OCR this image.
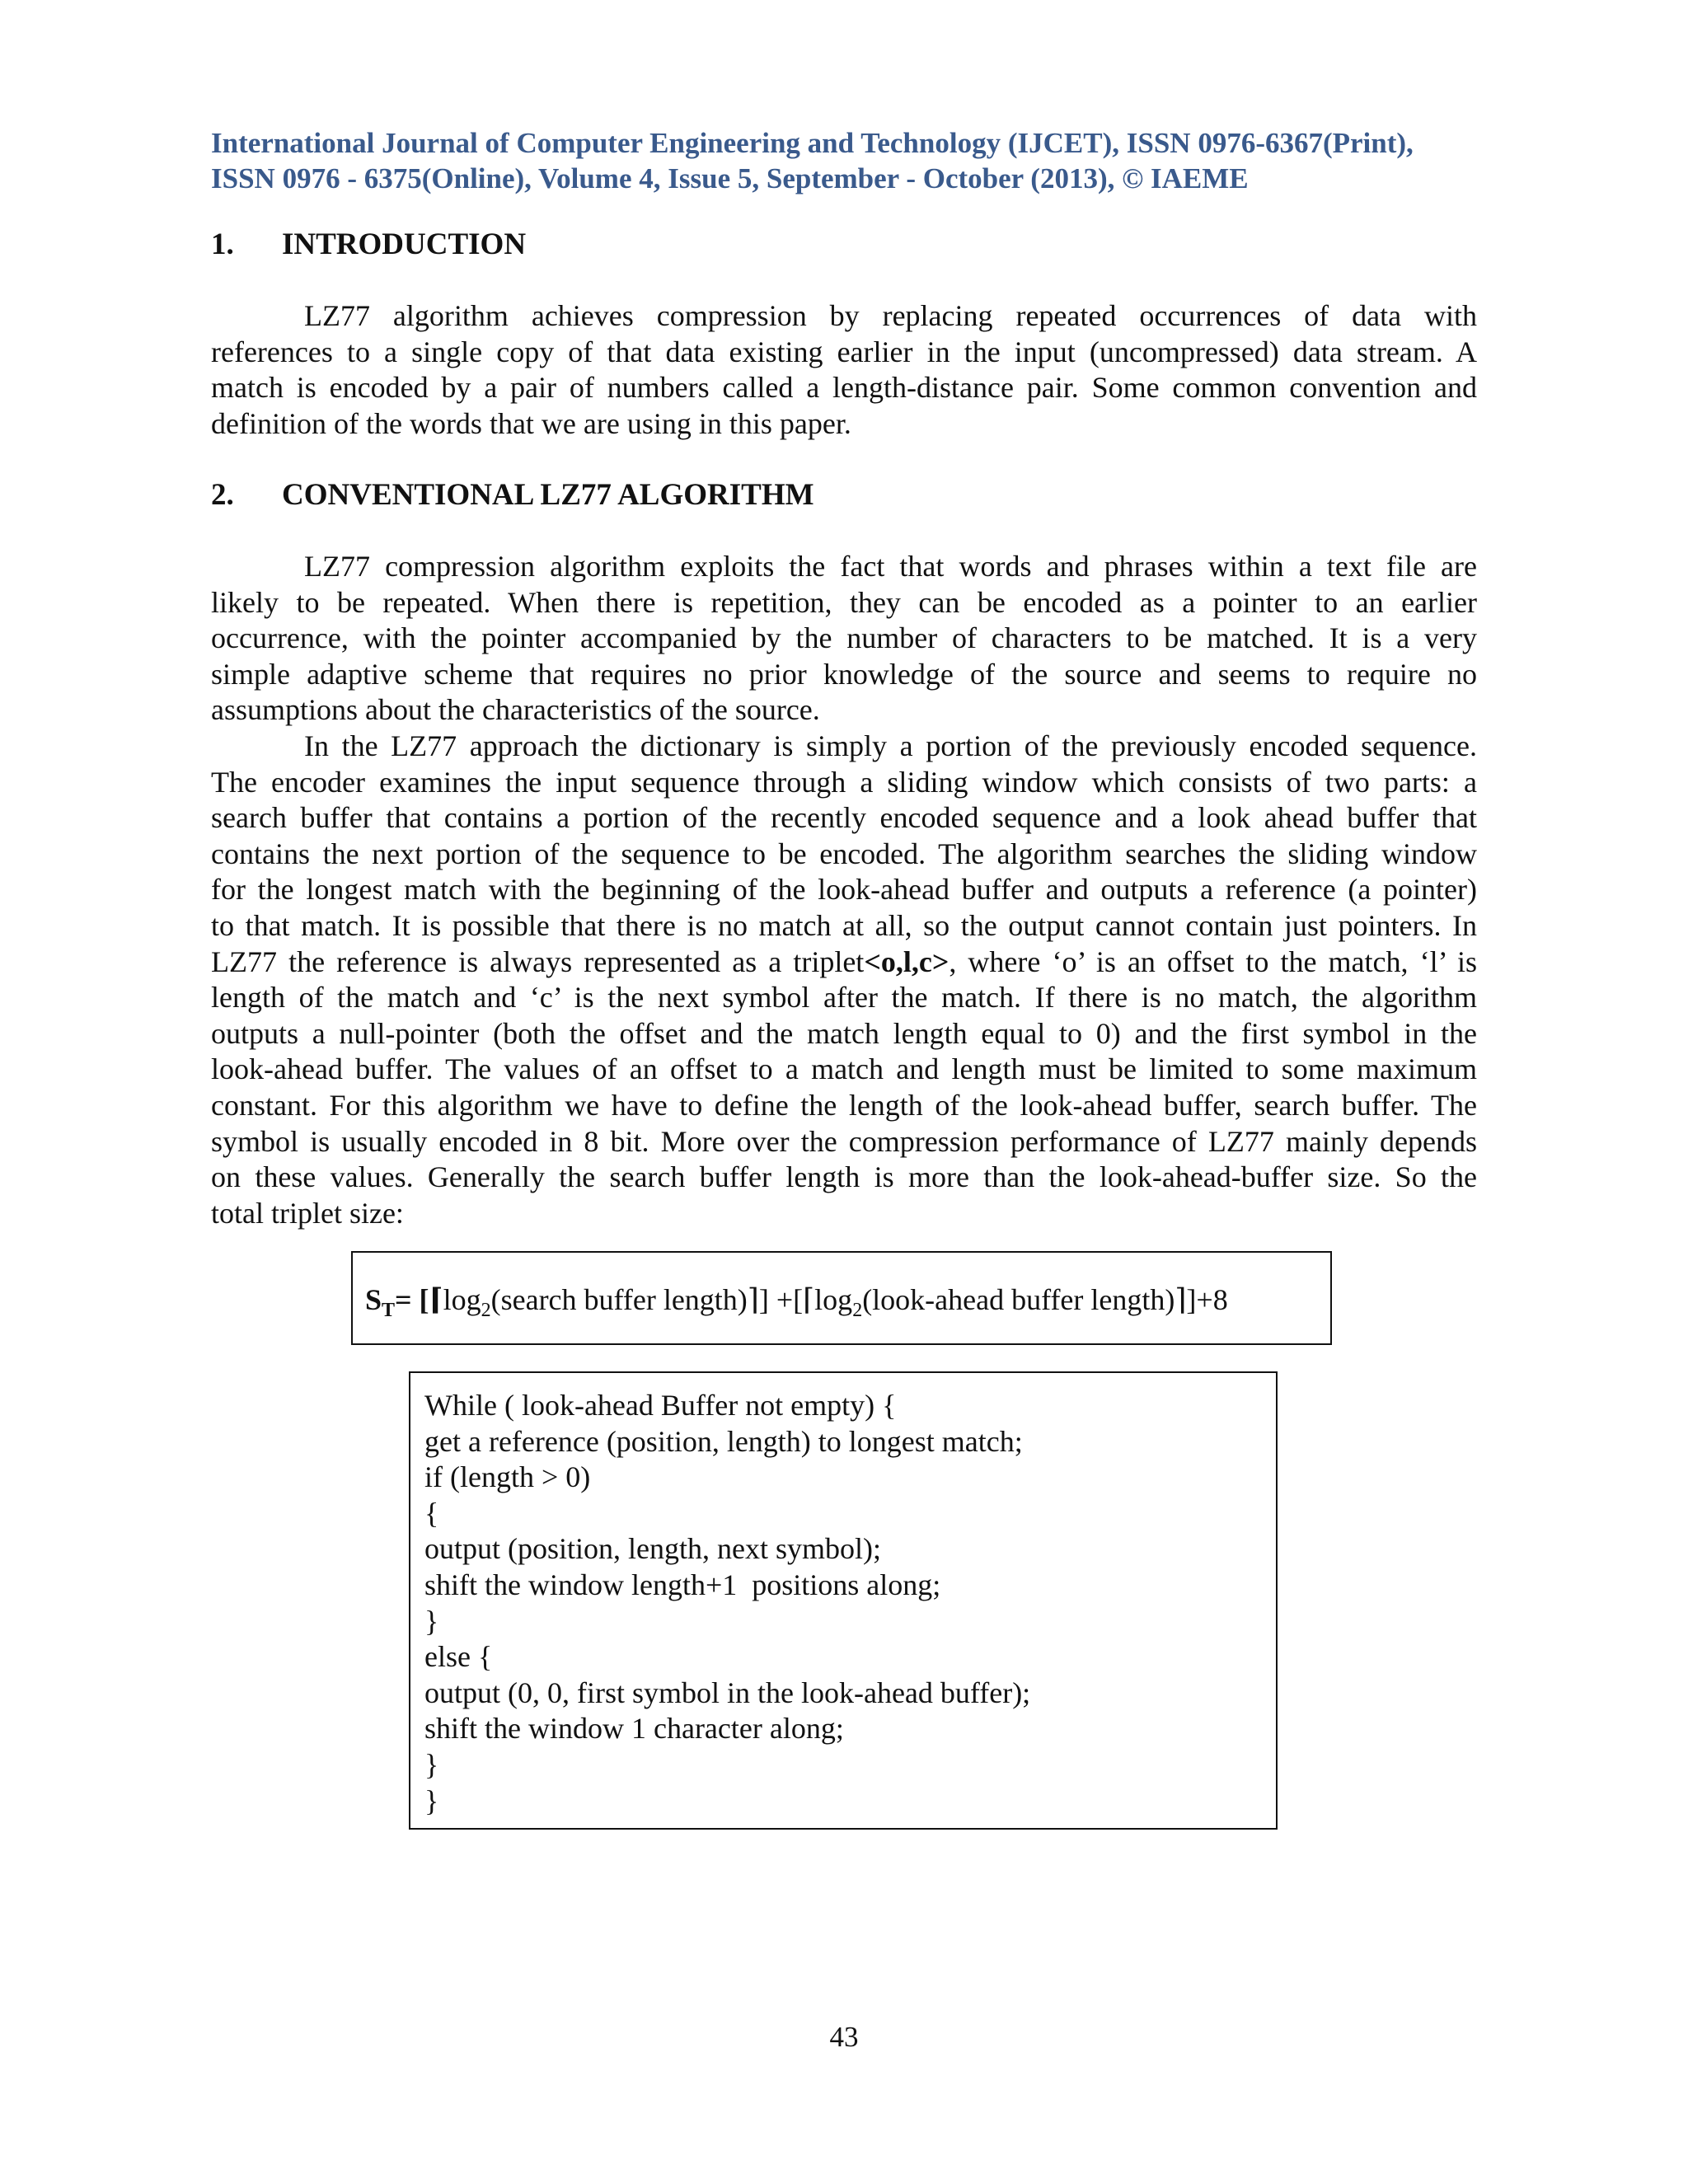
International Journal of Computer Engineering and Technology (IJCET), ISSN 0976-6367(Print),
ISSN 0976 - 6375(Online), Volume 4, Issue 5, September - October (2013), © IAEME
1. INTRODUCTION
LZ77 algorithm achieves compression by replacing repeated occurrences of data with
references to a single copy of that data existing earlier in the input (uncompressed) data stream. A
match is encoded by a pair of numbers called a length-distance pair. Some common convention and
definition of the words that we are using in this paper.
2. CONVENTIONAL LZ77 ALGORITHM
LZ77 compression algorithm exploits the fact that words and phrases within a text file are
likely to be repeated. When there is repetition, they can be encoded as a pointer to an earlier
occurrence, with the pointer accompanied by the number of characters to be matched. It is a very
simple adaptive scheme that requires no prior knowledge of the source and seems to require no
assumptions about the characteristics of the source.
In the LZ77 approach the dictionary is simply a portion of the previously encoded sequence.
The encoder examines the input sequence through a sliding window which consists of two parts: a
search buffer that contains a portion of the recently encoded sequence and a look ahead buffer that
contains the next portion of the sequence to be encoded. The algorithm searches the sliding window
for the longest match with the beginning of the look-ahead buffer and outputs a reference (a pointer)
to that match. It is possible that there is no match at all, so the output cannot contain just pointers. In
LZ77 the reference is always represented as a triplet<o,l,c>, where ‘o’ is an offset to the match, ‘l’ is
length of the match and ‘c’ is the next symbol after the match. If there is no match, the algorithm
outputs a null-pointer (both the offset and the match length equal to 0) and the first symbol in the
look-ahead buffer. The values of an offset to a match and length must be limited to some maximum
constant. For this algorithm we have to define the length of the look-ahead buffer, search buffer. The
symbol is usually encoded in 8 bit. More over the compression performance of LZ77 mainly depends
on these values. Generally the search buffer length is more than the look-ahead-buffer size. So the
total triplet size:
$S_T=$ [$⌈\log_2(search$ buffer length)⌉] $+[⌈\log_2(look$-ahead buffer length)⌉]+8
While ( look-ahead Buffer not empty) {
get a reference (position, length) to longest match;
if (length > 0)
{
output (position, length, next symbol);
shift the window length+1  positions along;
}
else {
output (0, 0, first symbol in the look-ahead buffer);
shift the window 1 character along;
}
}
43
